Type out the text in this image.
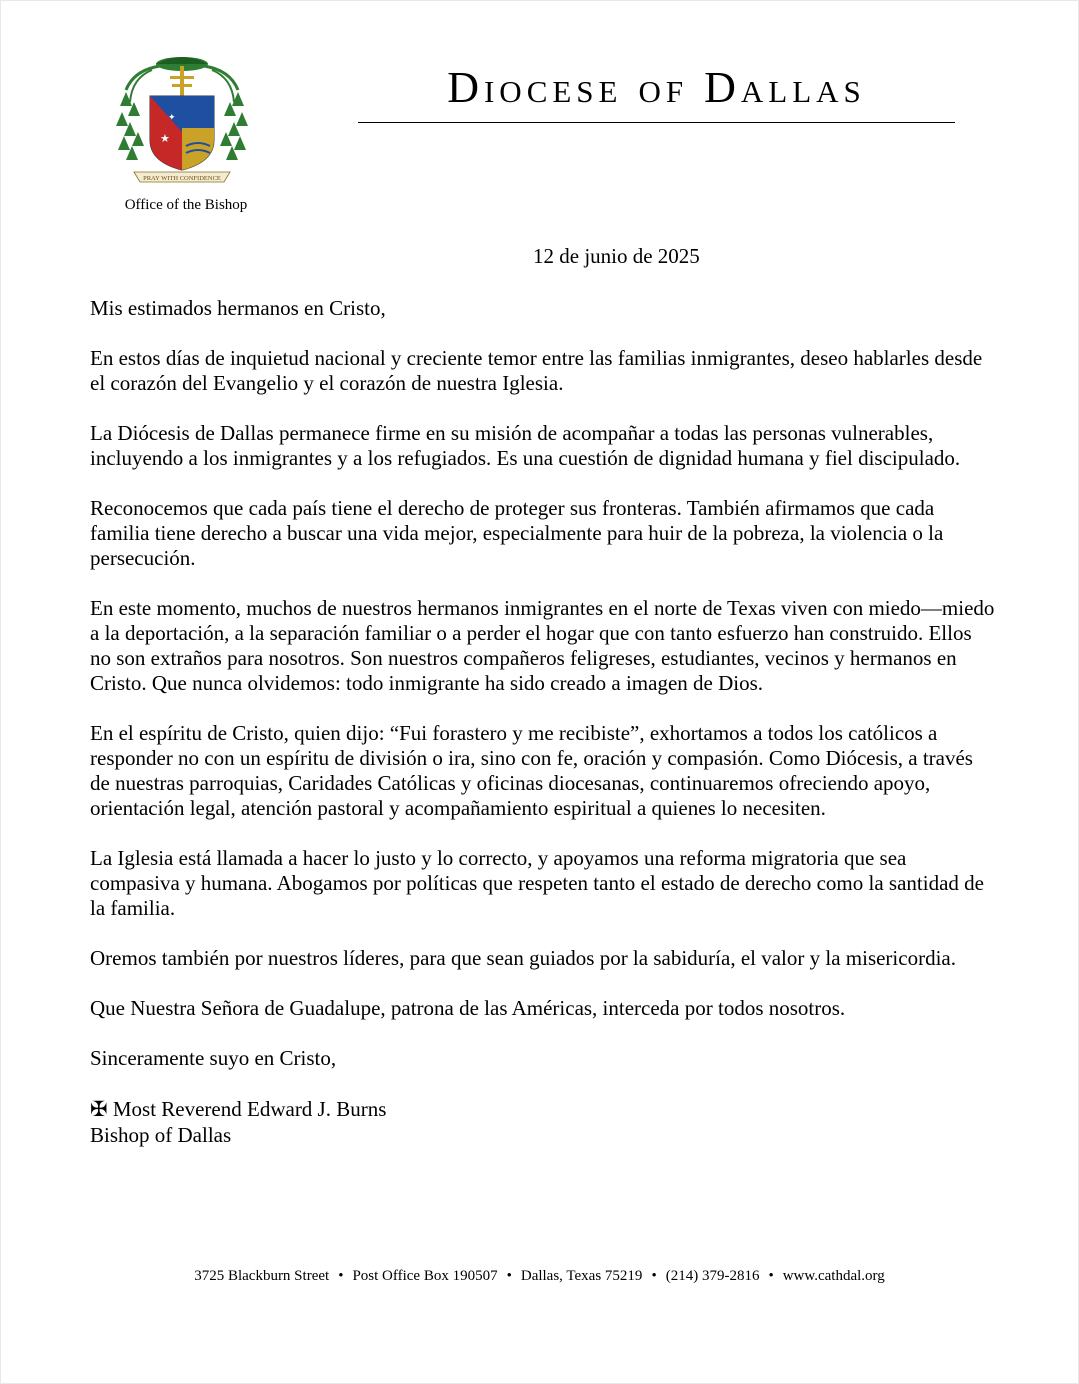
★
✦
PRAY WITH CONFIDENCE
Office of the Bishop
Diocese of Dallas
12 de junio de 2025

Mis estimados hermanos en Cristo,

En estos días de inquietud nacional y creciente temor entre las familias inmigrantes, deseo hablarles desde el corazón del Evangelio y el corazón de nuestra Iglesia.

La Diócesis de Dallas permanece firme en su misión de acompañar a todas las personas vulnerables, incluyendo a los inmigrantes y a los refugiados. Es una cuestión de dignidad humana y fiel discipulado.

Reconocemos que cada país tiene el derecho de proteger sus fronteras. También afirmamos que cada familia tiene derecho a buscar una vida mejor, especialmente para huir de la pobreza, la violencia o la persecución.

En este momento, muchos de nuestros hermanos inmigrantes en el norte de Texas viven con miedo—miedo a la deportación, a la separación familiar o a perder el hogar que con tanto esfuerzo han construido. Ellos no son extraños para nosotros. Son nuestros compañeros feligreses, estudiantes, vecinos y hermanos en Cristo. Que nunca olvidemos: todo inmigrante ha sido creado a imagen de Dios.

En el espíritu de Cristo, quien dijo: “Fui forastero y me recibiste”, exhortamos a todos los católicos a responder no con un espíritu de división o ira, sino con fe, oración y compasión. Como Diócesis, a través de nuestras parroquias, Caridades Católicas y oficinas diocesanas, continuaremos ofreciendo apoyo, orientación legal, atención pastoral y acompañamiento espiritual a quienes lo necesiten.

La Iglesia está llamada a hacer lo justo y lo correcto, y apoyamos una reforma migratoria que sea compasiva y humana. Abogamos por políticas que respeten tanto el estado de derecho como la santidad de la familia.

Oremos también por nuestros líderes, para que sean guiados por la sabiduría, el valor y la misericordia.

Que Nuestra Señora de Guadalupe, patrona de las Américas, interceda por todos nosotros.

Sinceramente suyo en Cristo,

✠ Most Reverend Edward J. Burns
Bishop of Dallas
3725 Blackburn Street • Post Office Box 190507 • Dallas, Texas 75219 • (214) 379-2816 • www.cathdal.org
